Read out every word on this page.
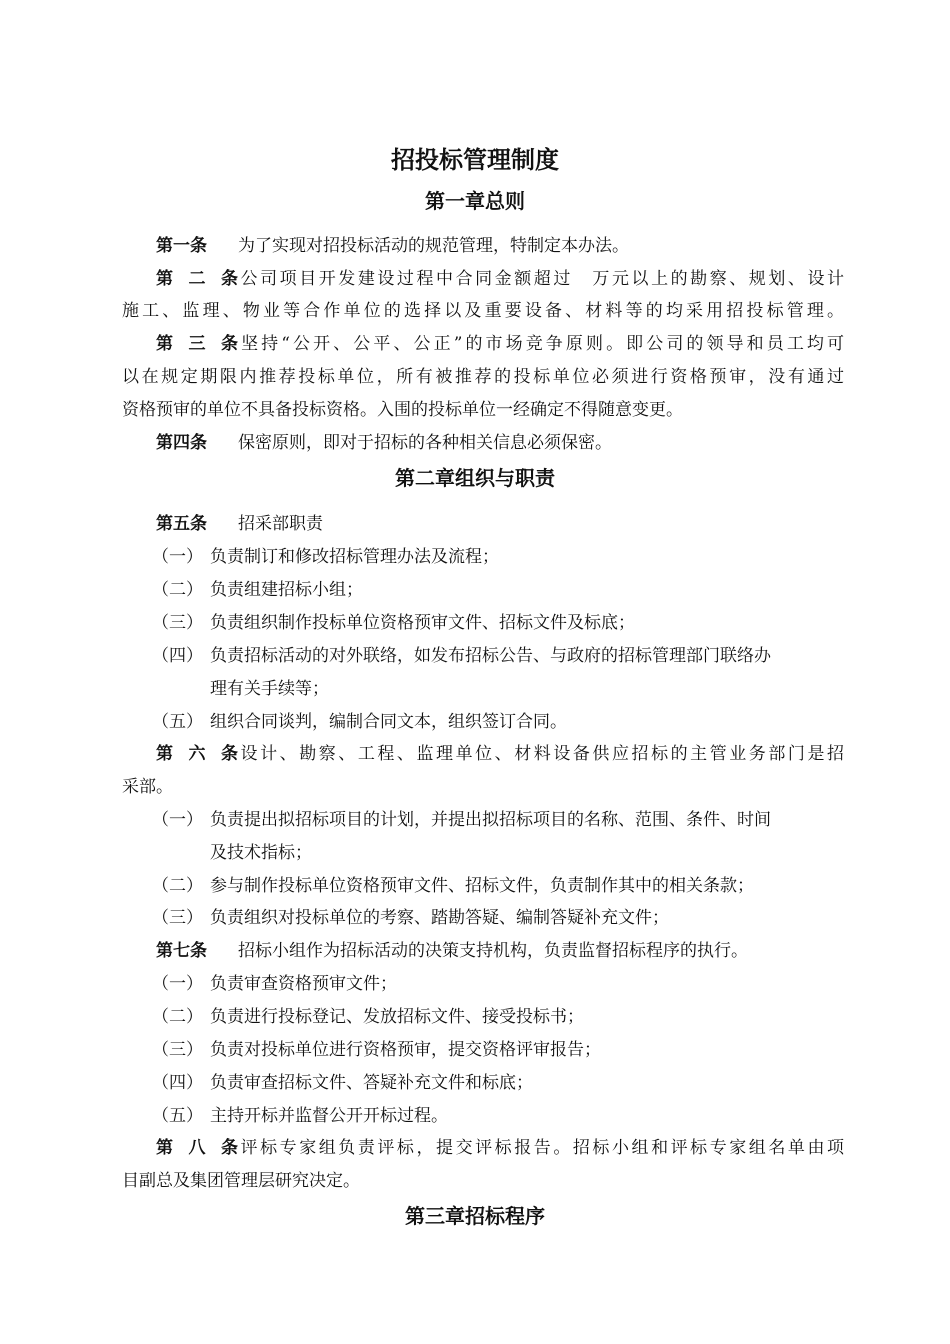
招投标管理制度
第一章总则
第一条 为了实现对招投标活动的规范管理，特制定本办法。
第二条公司项目开发建设过程中合同金额超过　万元以上的勘察、规划、设计
施工、监理、物业等合作单位的选择以及重要设备、材料等的均采用招投标管理。
第三条坚持“公开、公平、公正”的市场竞争原则。即公司的领导和员工均可
以在规定期限内推荐投标单位，所有被推荐的投标单位必须进行资格预审，没有通过
资格预审的单位不具备投标资格。入围的投标单位一经确定不得随意变更。
第四条 保密原则，即对于招标的各种相关信息必须保密。
第二章组织与职责
第五条 招采部职责
（一） 负责制订和修改招标管理办法及流程；
（二） 负责组建招标小组；
（三） 负责组织制作投标单位资格预审文件、招标文件及标底；
（四） 负责招标活动的对外联络，如发布招标公告、与政府的招标管理部门联络办
理有关手续等；
（五） 组织合同谈判，编制合同文本，组织签订合同。
第六条设计、勘察、工程、监理单位、材料设备供应招标的主管业务部门是招
采部。
（一） 负责提出拟招标项目的计划，并提出拟招标项目的名称、范围、条件、时间
及技术指标；
（二） 参与制作投标单位资格预审文件、招标文件，负责制作其中的相关条款；
（三） 负责组织对投标单位的考察、踏勘答疑、编制答疑补充文件；
第七条 招标小组作为招标活动的决策支持机构，负责监督招标程序的执行。
（一） 负责审查资格预审文件；
（二） 负责进行投标登记、发放招标文件、接受投标书；
（三） 负责对投标单位进行资格预审，提交资格评审报告；
（四） 负责审查招标文件、答疑补充文件和标底；
（五） 主持开标并监督公开开标过程。
第八条评标专家组负责评标，提交评标报告。招标小组和评标专家组名单由项
目副总及集团管理层研究决定。
第三章招标程序
